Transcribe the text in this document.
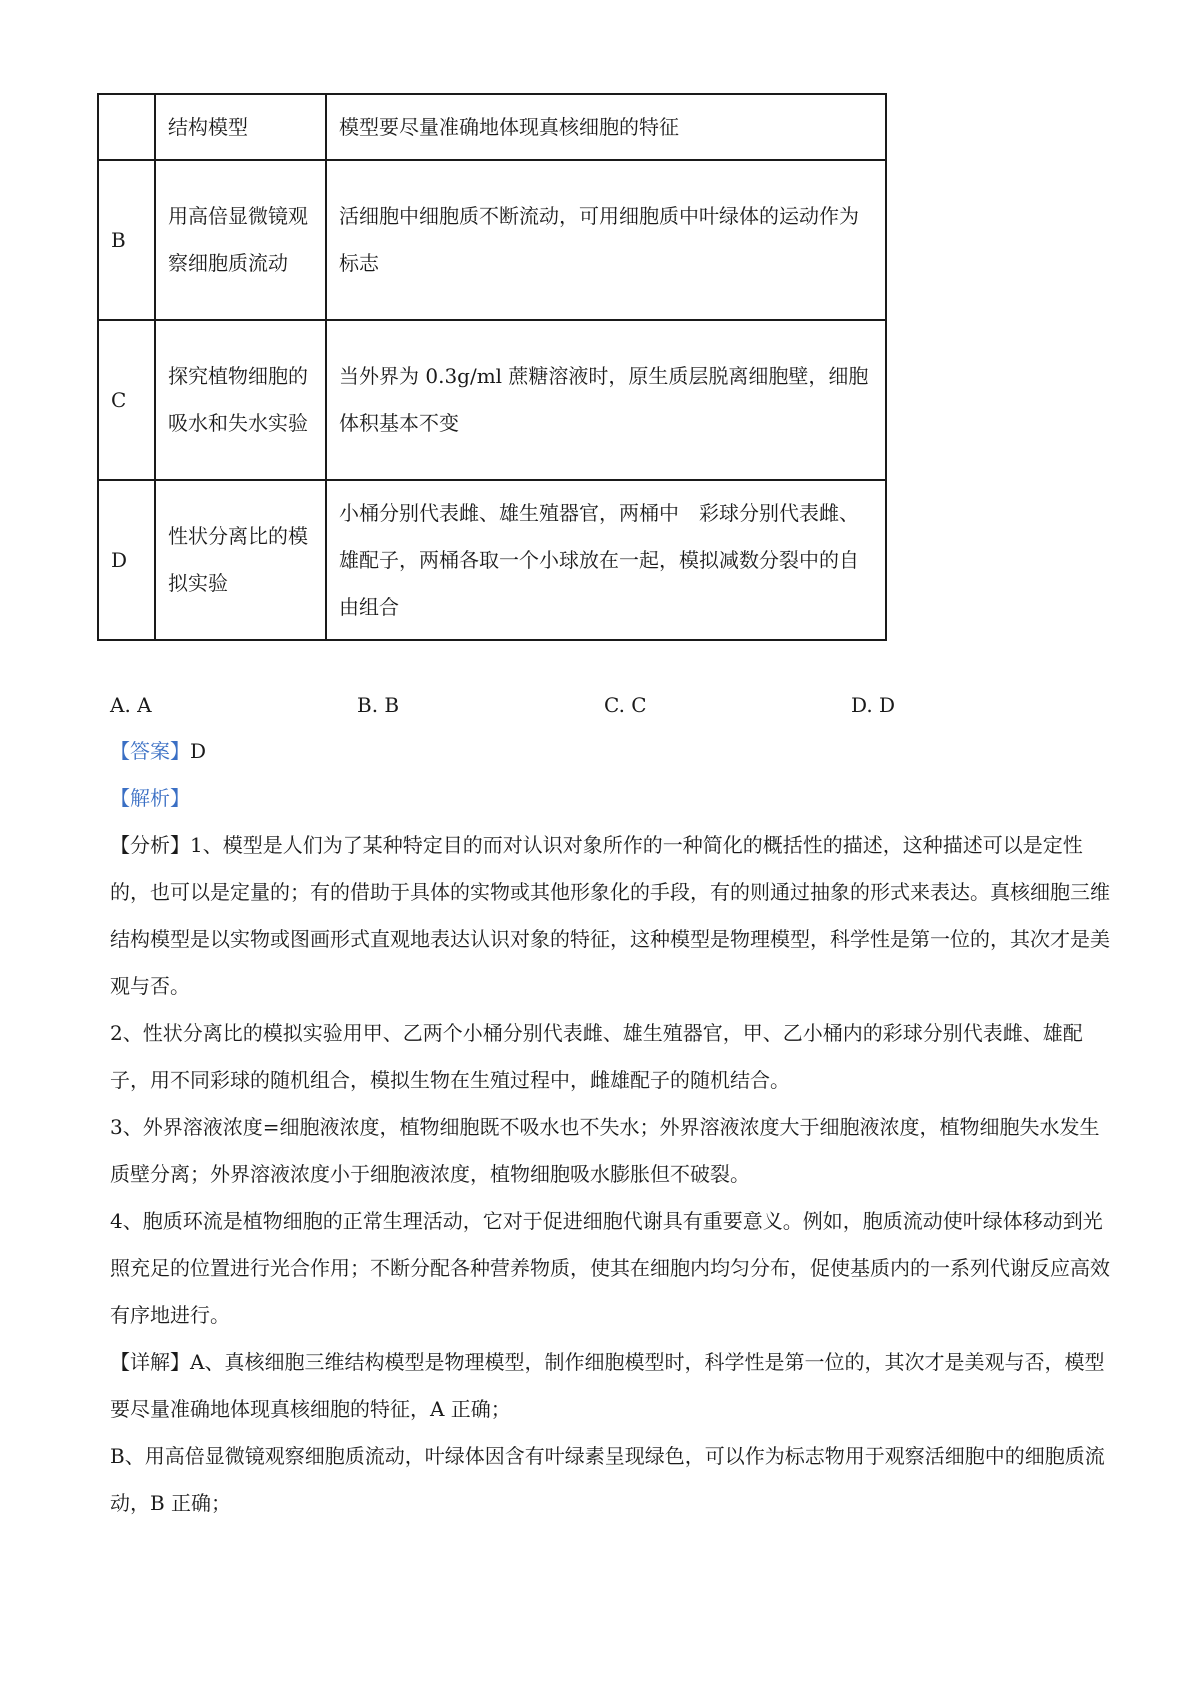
	结构模型	模型要尽量准确地体现真核细胞的特征
B	用高倍显微镜观察细胞质流动	活细胞中细胞质不断流动，可用细胞质中叶绿体的运动作为标志
C	探究植物细胞的吸水和失水实验	当外界为 0.3g/ml 蔗糖溶液时，原生质层脱离细胞壁，细胞体积基本不变
D	性状分离比的模拟实验	小桶分别代表雌、雄生殖器官，两桶中　彩球分别代表雌、雄配子，两桶各取一个小球放在一起，模拟减数分裂中的自由组合
A. A	B. B	C. C	D. D
【答案】D
【解析】

【分析】1、模型是人们为了某种特定目的而对认识对象所作的一种简化的概括性的描述，这种描述可以是定性的，也可以是定量的；有的借助于具体的实物或其他形象化的手段，有的则通过抽象的形式来表达。真核细胞三维结构模型是以实物或图画形式直观地表达认识对象的特征，这种模型是物理模型，科学性是第一位的，其次才是美观与否。

2、性状分离比的模拟实验用甲、乙两个小桶分别代表雌、雄生殖器官，甲、乙小桶内的彩球分别代表雌、雄配子，用不同彩球的随机组合，模拟生物在生殖过程中，雌雄配子的随机结合。

3、外界溶液浓度=细胞液浓度，植物细胞既不吸水也不失水；外界溶液浓度大于细胞液浓度，植物细胞失水发生质壁分离；外界溶液浓度小于细胞液浓度，植物细胞吸水膨胀但不破裂。

4、胞质环流是植物细胞的正常生理活动，它对于促进细胞代谢具有重要意义。例如，胞质流动使叶绿体移动到光照充足的位置进行光合作用；不断分配各种营养物质，使其在细胞内均匀分布，促使基质内的一系列代谢反应高效有序地进行。

【详解】A、真核细胞三维结构模型是物理模型，制作细胞模型时，科学性是第一位的，其次才是美观与否，模型要尽量准确地体现真核细胞的特征，A 正确；

B、用高倍显微镜观察细胞质流动，叶绿体因含有叶绿素呈现绿色，可以作为标志物用于观察活细胞中的细胞质流动，B 正确；
